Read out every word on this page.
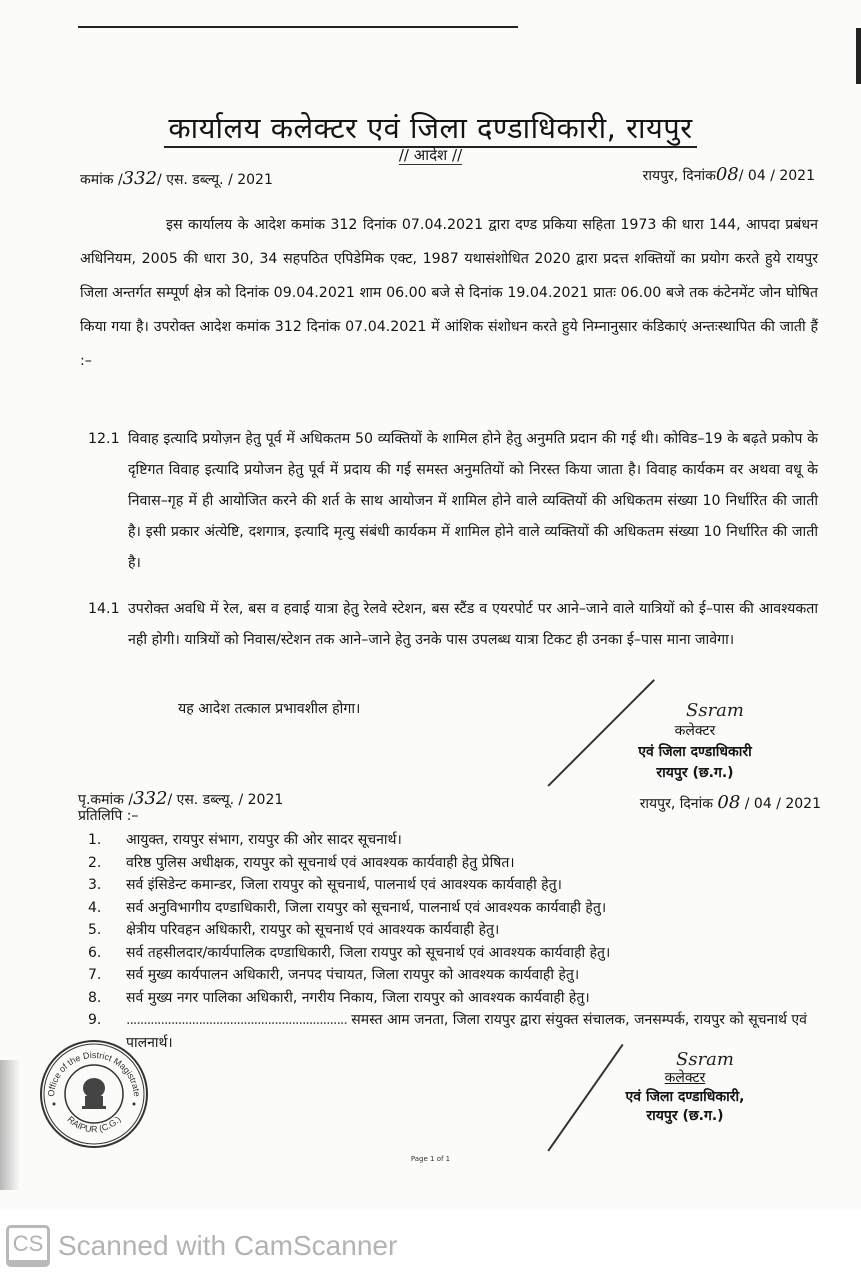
कार्यालय कलेक्टर एवं जिला दण्डाधिकारी, रायपुर
// आदेश //
कमांक /332/ एस. डब्ल्यू. / 2021	रायपुर, दिनांक08/ 04 / 2021
इस कार्यालय के आदेश कमांक 312 दिनांक 07.04.2021 द्वारा दण्ड प्रकिया सहिता 1973 की धारा 144, आपदा प्रबंधन अधिनियम, 2005 की धारा 30, 34 सहपठित एपिडेमिक एक्ट, 1987 यथासंशोधित 2020 द्वारा प्रदत्त शक्तियों का प्रयोग करते हुये रायपुर जिला अन्तर्गत सम्पूर्ण क्षेत्र को दिनांक 09.04.2021 शाम 06.00 बजे से दिनांक 19.04.2021 प्रातः 06.00 बजे तक कंटेनमेंट जोन घोषित किया गया है। उपरोक्त आदेश कमांक 312 दिनांक 07.04.2021 में आंशिक संशोधन करते हुये निम्नानुसार कंडिकाएं अन्तःस्थापित की जाती हैं :–
12.1 विवाह इत्यादि प्रयोज़न हेतु पूर्व में अधिकतम 50 व्यक्तियों के शामिल होने हेतु अनुमति प्रदान की गई थी। कोविड–19 के बढ़ते प्रकोप के दृष्टिगत विवाह इत्यादि प्रयोजन हेतु पूर्व में प्रदाय की गई समस्त अनुमतियों को निरस्त किया जाता है। विवाह कार्यकम वर अथवा वधू के निवास–गृह में ही आयोजित करने की शर्त के साथ आयोजन में शामिल होने वाले व्यक्तियों की अधिकतम संख्या 10 निर्धारित की जाती है। इसी प्रकार अंत्येष्टि, दशगात्र, इत्यादि मृत्यु संबंधी कार्यकम में शामिल होने वाले व्यक्तियों की अधिकतम संख्या 10 निर्धारित की जाती है।
14.1 उपरोक्त अवधि में रेल, बस व हवाई यात्रा हेतु रेलवे स्टेशन, बस स्टैंड व एयरपोर्ट पर आने–जाने वाले यात्रियों को ई–पास की आवश्यकता नही होगी। यात्रियों को निवास/स्टेशन तक आने–जाने हेतु उनके पास उपलब्ध यात्रा टिकट ही उनका ई–पास माना जावेगा।
यह आदेश तत्काल प्रभावशील होगा।	Ssram
कलेक्टर
एवं जिला दण्डाधिकारी
रायपुर (छ.ग.)
रायपुर, दिनांक 08 / 04 / 2021
पृ.कमांक /332/ एस. डब्ल्यू. / 2021
प्रतिलिपि :–
1.	आयुक्त, रायपुर संभाग, रायपुर की ओर सादर सूचनार्थ।
2.	वरिष्ठ पुलिस अधीक्षक, रायपुर को सूचनार्थ एवं आवश्यक कार्यवाही हेतु प्रेषित।
3.	सर्व इंसिडेन्ट कमान्डर, जिला रायपुर को सूचनार्थ, पालनार्थ एवं आवश्यक कार्यवाही हेतु।
4.	सर्व अनुविभागीय दण्डाधिकारी, जिला रायपुर को सूचनार्थ, पालनार्थ एवं आवश्यक कार्यवाही हेतु।
5.	क्षेत्रीय परिवहन अधिकारी, रायपुर को सूचनार्थ एवं आवश्यक कार्यवाही हेतु।
6.	सर्व तहसीलदार/कार्यपालिक दण्डाधिकारी, जिला रायपुर को सूचनार्थ एवं आवश्यक कार्यवाही हेतु।
7.	सर्व मुख्य कार्यपालन अधिकारी, जनपद पंचायत, जिला रायपुर को आवश्यक कार्यवाही हेतु।
8.	सर्व मुख्य नगर पालिका अधिकारी, नगरीय निकाय, जिला रायपुर को आवश्यक कार्यवाही हेतु।
9.	................................................................ समस्त आम जनता, जिला रायपुर द्वारा संयुक्त संचालक, जनसम्पर्क, रायपुर को सूचनार्थ एवं पालनार्थ।
Office of the District Magistrate
RAIPUR (C.G.)
Ssram
कलेक्टर
एवं जिला दण्डाधिकारी,
रायपुर (छ.ग.)
Page 1 of 1
CS Scanned with CamScanner
